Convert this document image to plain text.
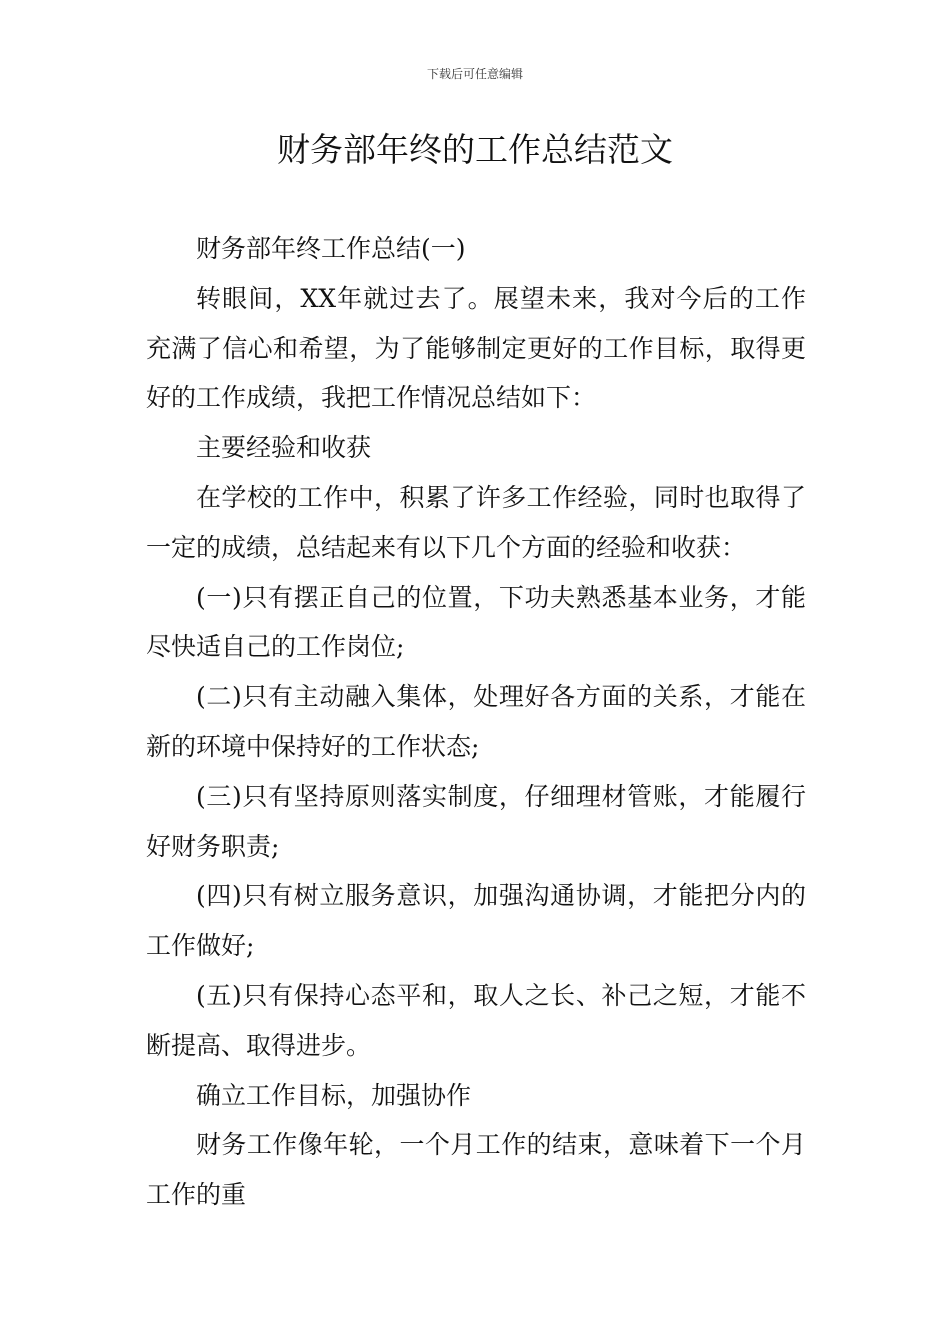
下载后可任意编辑
财务部年终的工作总结范文

财务部年终工作总结(一)

转眼间，XX年就过去了。展望未来，我对今后的工作充满了信心和希望，为了能够制定更好的工作目标，取得更好的工作成绩，我把工作情况总结如下：

主要经验和收获

在学校的工作中，积累了许多工作经验，同时也取得了一定的成绩，总结起来有以下几个方面的经验和收获：

(一)只有摆正自己的位置，下功夫熟悉基本业务，才能尽快适自己的工作岗位;

(二)只有主动融入集体，处理好各方面的关系，才能在新的环境中保持好的工作状态;

(三)只有坚持原则落实制度，仔细理材管账，才能履行好财务职责;

(四)只有树立服务意识，加强沟通协调，才能把分内的工作做好;

(五)只有保持心态平和，取人之长、补己之短，才能不断提高、取得进步。

确立工作目标，加强协作

财务工作像年轮，一个月工作的结束，意味着下一个月工作的重
